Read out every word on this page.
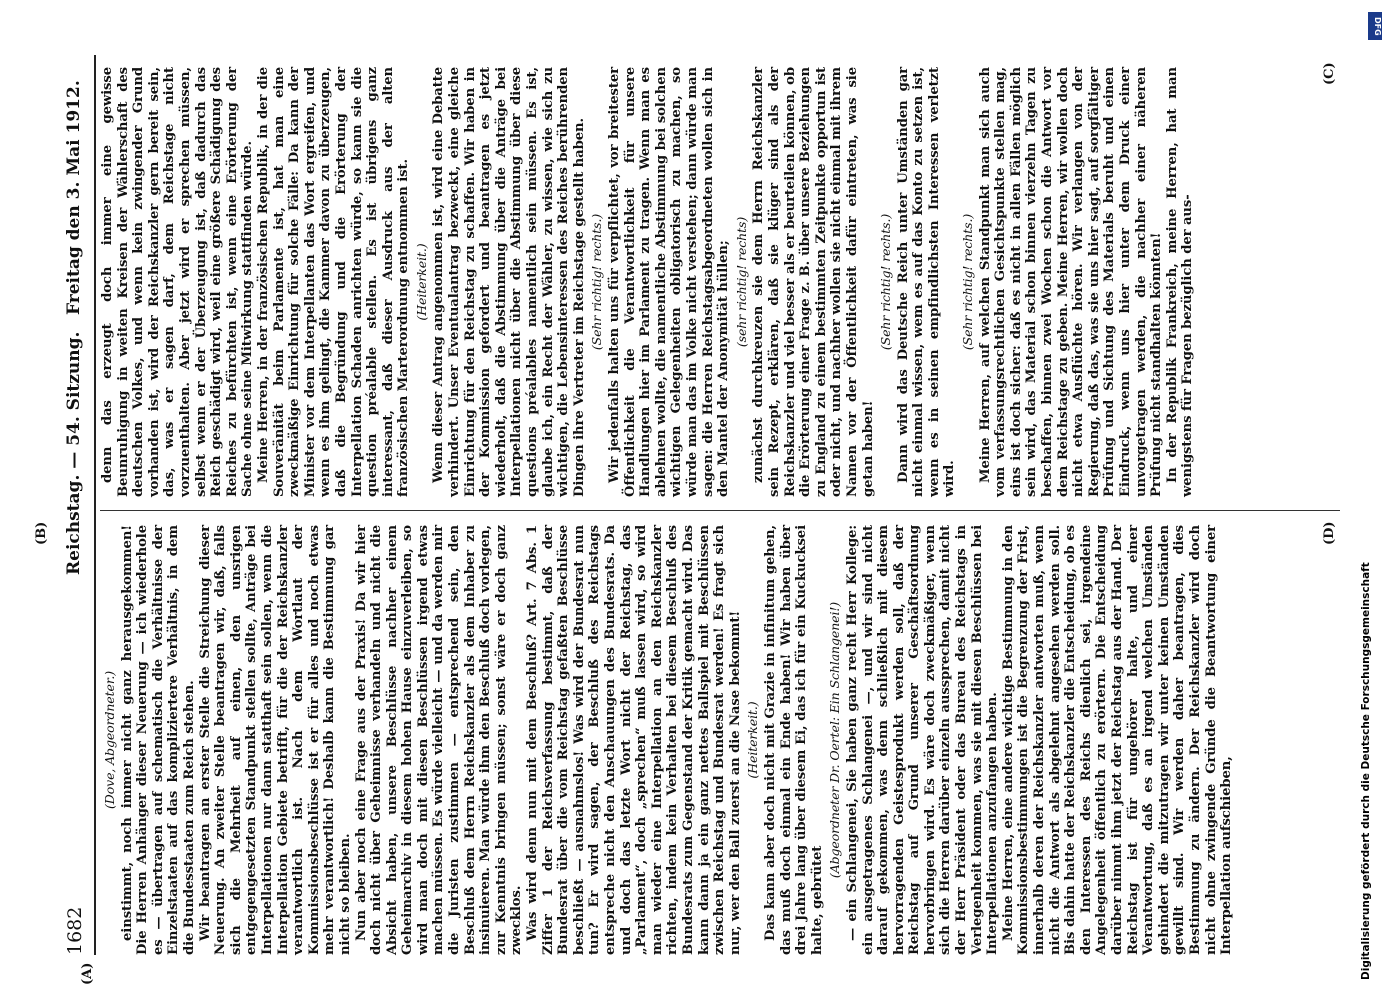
1682
Reichstag. — 54. Sitzung.
Freitag den 3. Mai 1912.

(Dove, Abgeordneter.) einstimmt, noch immer nicht ganz herausgekommen! Die Herren Anhänger dieser Neuerung — ich wiederhole es — übertragen auf schematisch die Verhältnisse der Einzelstaaten auf das kompliziertere Verhältnis, in dem die Bundesstaaten zum Reich stehen. Wir beantragen an erster Stelle die Streichung dieser Neuerung. An zweiter Stelle beantragen wir, daß, falls sich die Mehrheit auf einen, den unsrigen entgegengesetzten Standpunkt stellen sollte, Anträge bei Interpellationen nur dann statthaft sein sollen, wenn die Interpellation Gebiete betrifft, für die der Reichskanzler verantwortlich ist. Nach dem Wortlaut der Kommissionsbeschlüsse ist er für alles und noch etwas mehr verantwortlich! Deshalb kann die Bestimmung gar nicht so bleiben. Nun aber noch eine Frage aus der Praxis! Da wir hier doch nicht über Geheimnisse verhandeln und nicht die Absicht haben, unsere Beschlüsse nachher einem Geheimarchiv in diesem hohen Hause einzuverleiben, so wird man doch mit diesen Beschlüssen irgend etwas machen müssen. Es würde vielleicht — und da werden mir die Juristen zustimmen — entsprechend sein, den Beschluß dem Herrn Reichskanzler als dem Inhaber zu insinuieren. Man würde ihm den Beschluß doch vorlegen, zur Kenntnis bringen müssen; sonst wäre er doch ganz zwecklos. Was wird denn nun mit dem Beschluß? Art. 7 Abs. 1 Ziffer 1 der Reichsverfassung bestimmt, daß der Bundesrat über die vom Reichstag gefaßten Beschlüsse beschließt — ausnahmslos! Was wird der Bundesrat nun tun? Er wird sagen, der Beschluß des Reichstags entspreche nicht den Anschauungen des Bundesrats. Da und doch das letzte Wort nicht der Reichstag, das „Parlament“, doch „sprechen“ muß lassen wird, so wird man wieder eine Interpellation an den Reichskanzler richten, indem kein Verhalten bei diesem Beschluß des Bundesrats zum Gegenstand der Kritik gemacht wird. Das kann dann ja ein ganz nettes Ballspiel mit Beschlüssen zwischen Reichstag und Bundesrat werden! Es fragt sich nur, wer den Ball zuerst an die Nase bekommt! (Heiterkeit.) Das kann aber doch nicht mit Grazie in infinitum gehen, das muß doch einmal ein Ende haben! Wir haben über drei Jahre lang über diesem Ei, das ich für ein Kuckucksei halte, gebrütet

(Abgeordneter Dr. Oertel: Ein Schlangenei!) — ein Schlangenei, Sie haben ganz recht Herr Kollege: ein ausgetragenes Schlangenei —, und wir sind nicht darauf gekommen, was denn schließlich mit diesem hervorragenden Geistesprodukt werden soll, daß der Reichstag auf Grund unserer Geschäftsordnung hervorbringen wird. Es wäre doch zweckmäßiger, wenn sich die Herren darüber einzeln aussprechen, damit nicht der Herr Präsident oder das Bureau des Reichstags in Verlegenheit kommen, was sie mit diesen Beschlüssen bei Interpellationen anzufangen haben. Meine Herren, eine andere wichtige Bestimmung in den Kommissionsbestimmungen ist die Begrenzung der Frist, innerhalb deren der Reichskanzler antworten muß, wenn nicht die Antwort als abgelehnt angesehen werden soll. Bis dahin hatte der Reichskanzler die Entscheidung, ob es den Interessen des Reichs dienlich sei, irgendeine Angelegenheit öffentlich zu erörtern. Die Entscheidung darüber nimmt ihm jetzt der Reichstag aus der Hand. Der Reichstag ist für ungehörer halte, und einer Verantwortung, daß es an irgend welchen Umständen gehindert die mitzutragen wir unter keinen Umständen gewillt sind. Wir werden daher beantragen, dies Bestimmung zu ändern. Der Reichskanzler wird doch nicht ohne zwingende Gründe die Beantwortung einer Interpellation aufschieben,

denn das erzeugt doch immer eine gewisse Beunruhigung in weiten Kreisen der Wählerschaft des deutschen Volkes, und wenn kein zwingender Grund vorhanden ist, wird der Reichskanzler gern bereit sein, das, was er sagen darf, dem Reichstage nicht vorzuenthalten. Aber jetzt wird er sprechen müssen, selbst wenn er der Überzeugung ist, daß dadurch das Reich geschädigt wird, weil eine größere Schädigung des Reiches zu befürchten ist, wenn eine Erörterung der Sache ohne seine Mitwirkung stattfinden würde. Meine Herren, in der französischen Republik, in der die Souveränität beim Parlamente ist, hat man eine zweckmäßige Einrichtung für solche Fälle: Da kann der Minister vor dem Interpellanten das Wort ergreifen, und wenn es ihm gelingt, die Kammer davon zu überzeugen, daß die Begründung und die Erörterung der Interpellation Schaden anrichten würde, so kann sie die question préalable stellen. Es ist übrigens ganz interessant, daß dieser Ausdruck aus der alten französischen Marterordnung entnommen ist. (Heiterkeit.) Wenn dieser Antrag angenommen ist, wird eine Debatte verhindert. Unser Eventualantrag bezweckt, eine gleiche Einrichtung für den Reichstag zu schaffen. Wir haben in der Kommission gefordert und beantragen es jetzt wiederholt, daß die Abstimmung über die Anträge bei Interpellationen nicht über die Abstimmung über diese questions préalables namentlich sein müssen. Es ist, glaube ich, ein Recht der Wähler, zu wissen, wie sich zu wichtigen, die Lebensinteressen des Reiches berührenden Dingen ihre Vertreter im Reichstage gestellt haben. (Sehr richtig! rechts.) Wir jedenfalls halten uns für verpflichtet, vor breitester Öffentlichkeit die Verantwortlichkeit für unsere Handlungen hier im Parlament zu tragen. Wenn man es ablehnen wollte, die namentliche Abstimmung bei solchen wichtigen Gelegenheiten obligatorisch zu machen, so würde man das im Volke nicht verstehen; dann würde man sagen: die Herren Reichstagsabgeordneten wollen sich in den Mantel der Anonymität hüllen; (sehr richtig! rechts) zunächst durchkreuzen sie dem Herrn Reichskanzler sein Rezept, erklären, daß sie klüger sind als der Reichskanzler und viel besser als er beurteilen können, ob die Erörterung einer Frage z. B. über unsere Beziehungen zu England zu einem bestimmten Zeitpunkte opportun ist oder nicht, und nachher wollen sie nicht einmal mit ihrem Namen vor der Öffentlichkeit dafür eintreten, was sie getan haben!

(Sehr richtig! rechts.) Dann wird das Deutsche Reich unter Umständen gar nicht einmal wissen, wem es auf das Konto zu setzen ist, wenn es in seinen empfindlichsten Interessen verletzt wird.

(Sehr richtig! rechts.) Meine Herren, auf welchen Standpunkt man sich auch vom verfassungsrechtlichen Gesichtspunkte stellen mag, eins ist doch sicher: daß es nicht in allen Fällen möglich sein wird, das Material schon binnen vierzehn Tagen zu beschaffen, binnen zwei Wochen schon die Antwort vor dem Reichstage zu geben. Meine Herren, wir wollen doch nicht etwa Ausflüchte hören. Wir verlangen von der Regierung, daß das, was sie uns hier sagt, auf sorgfältiger Prüfung und Sichtung des Materials beruht und einen Eindruck, wenn uns hier unter dem Druck einer unvorgetragen werden, die nachher einer näheren Prüfung nicht standhalten könnten! In der Republik Frankreich, meine Herren, hat man wenigstens für Fragen bezüglich der aus-

(A)
(B)
(C)
(D)
Digitalisierung gefördert durch die Deutsche Forschungsgemeinschaft
DFG
